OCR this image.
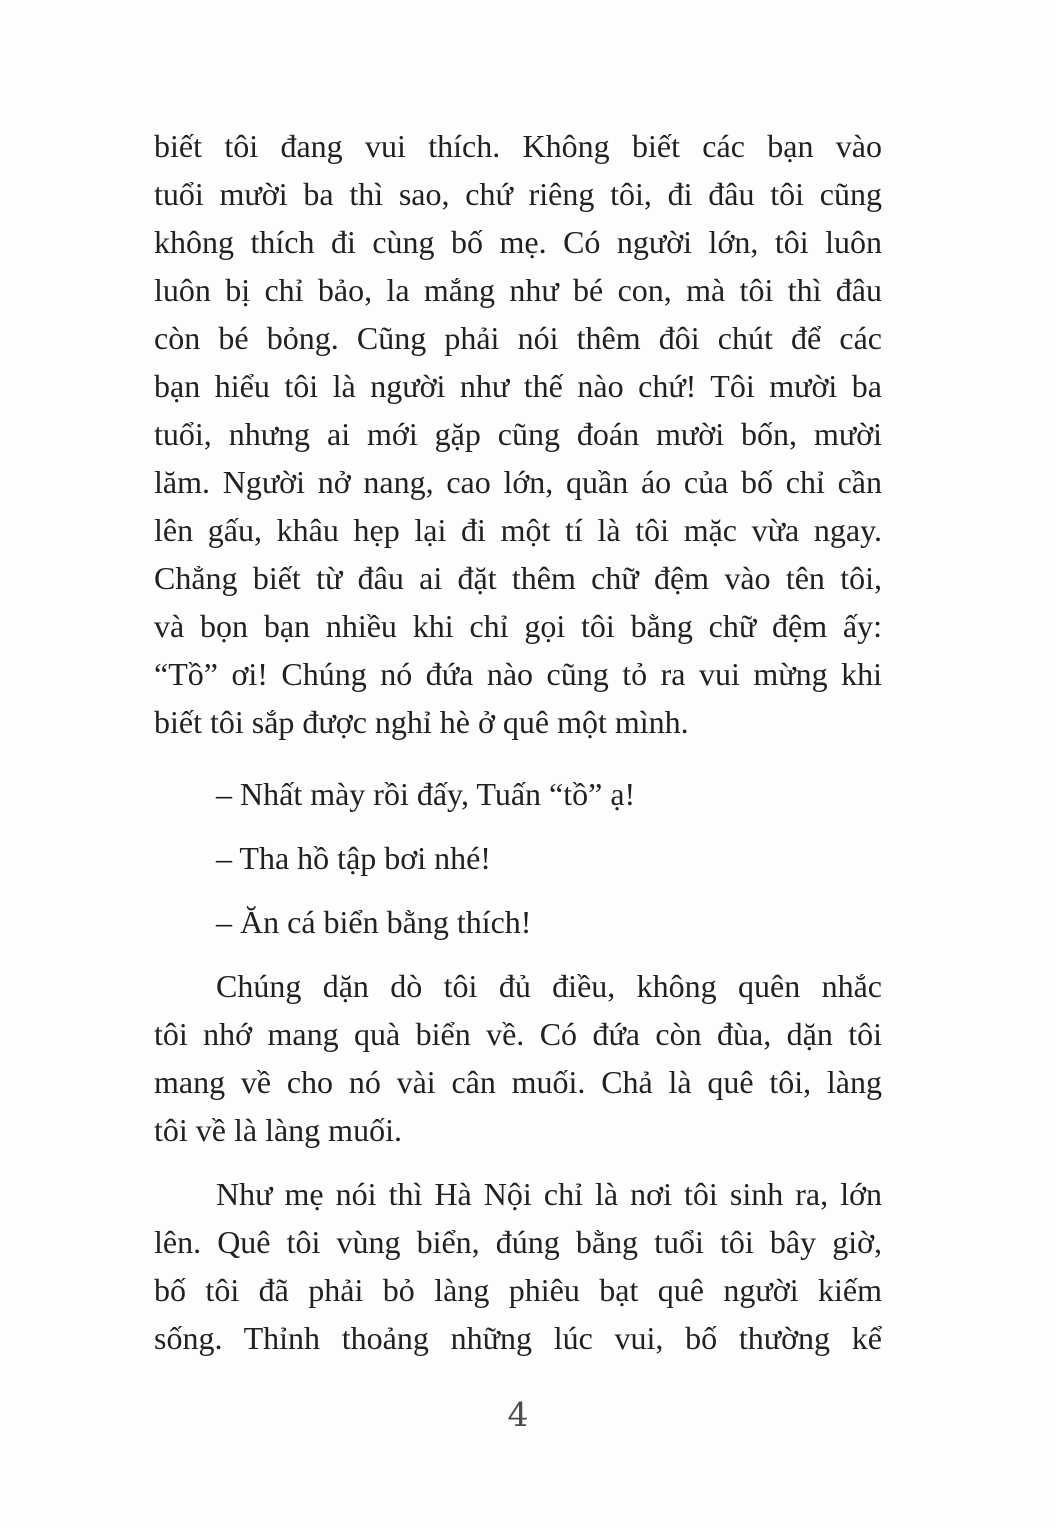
biết tôi đang vui thích. Không biết các bạn vào
tuổi mười ba thì sao, chứ riêng tôi, đi đâu tôi cũng
không thích đi cùng bố mẹ. Có người lớn, tôi luôn
luôn bị chỉ bảo, la mắng như bé con, mà tôi thì đâu
còn bé bỏng. Cũng phải nói thêm đôi chút để các
bạn hiểu tôi là người như thế nào chứ! Tôi mười ba
tuổi, nhưng ai mới gặp cũng đoán mười bốn, mười
lăm. Người nở nang, cao lớn, quần áo của bố chỉ cần
lên gấu, khâu hẹp lại đi một tí là tôi mặc vừa ngay.
Chẳng biết từ đâu ai đặt thêm chữ đệm vào tên tôi,
và bọn bạn nhiều khi chỉ gọi tôi bằng chữ đệm ấy:
“Tồ” ơi! Chúng nó đứa nào cũng tỏ ra vui mừng khi
biết tôi sắp được nghỉ hè ở quê một mình.
– Nhất mày rồi đấy, Tuấn “tồ” ạ!
– Tha hồ tập bơi nhé!
– Ăn cá biển bằng thích!
Chúng dặn dò tôi đủ điều, không quên nhắc
tôi nhớ mang quà biển về. Có đứa còn đùa, dặn tôi
mang về cho nó vài cân muối. Chả là quê tôi, làng
tôi về là làng muối.
Như mẹ nói thì Hà Nội chỉ là nơi tôi sinh ra, lớn
lên. Quê tôi vùng biển, đúng bằng tuổi tôi bây giờ,
bố tôi đã phải bỏ làng phiêu bạt quê người kiếm
sống. Thỉnh thoảng những lúc vui, bố thường kể
4
